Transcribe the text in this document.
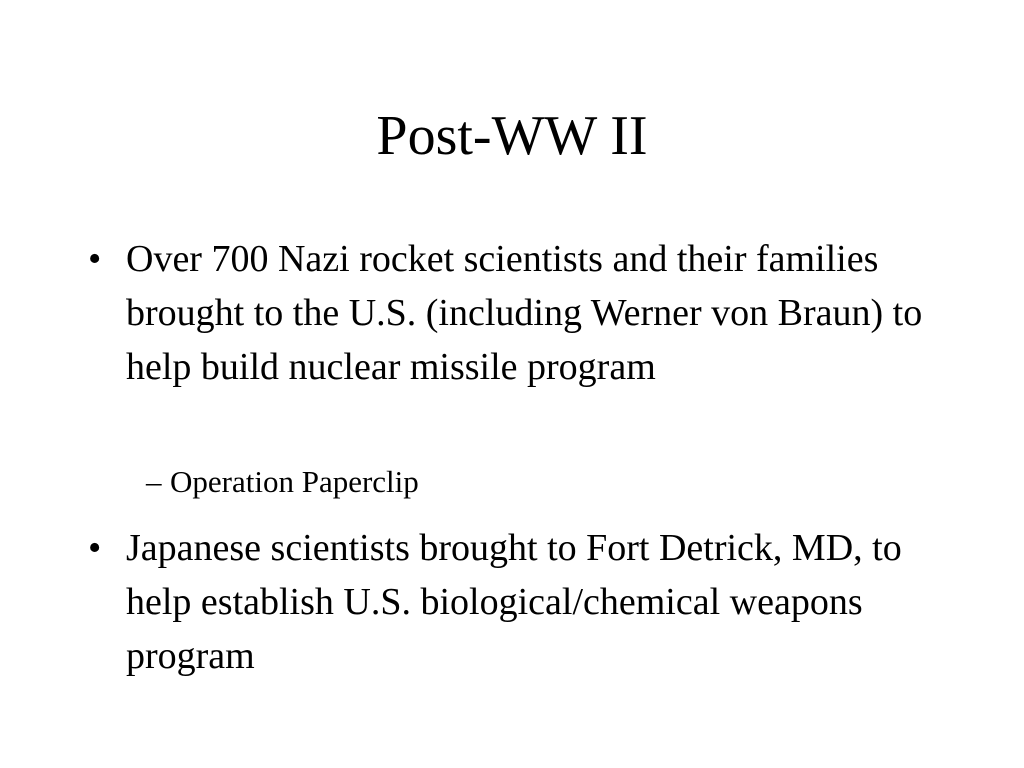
Post-WW II
• Over 700 Nazi rocket scientists and their families brought to the U.S. (including Werner von Braun) to help build nuclear missile program
– Operation Paperclip
• Japanese scientists brought to Fort Detrick, MD, to help establish U.S. biological/chemical weapons program
